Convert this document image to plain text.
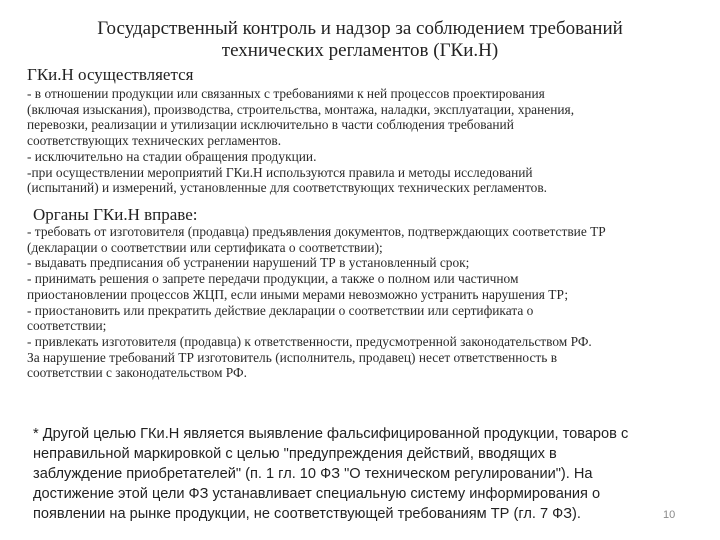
Государственный контроль и надзор за соблюдением требований
технических регламентов (ГКи.Н)
ГКи.Н осуществляется
- в отношении продукции или связанных с требованиями к ней процессов проектирования
(включая изыскания), производства, строительства, монтажа, наладки, эксплуатации, хранения,
перевозки, реализации и утилизации исключительно в части соблюдения требований
соответствующих технических регламентов.
- исключительно на стадии обращения продукции.
-при осуществлении мероприятий ГКи.Н используются правила и методы исследований
(испытаний) и измерений, установленные для соответствующих технических регламентов.
Органы ГКи.Н вправе:
- требовать от изготовителя (продавца) предъявления документов, подтверждающих соответствие ТР
(декларации о соответствии или сертификата о соответствии);
- выдавать предписания об устранении нарушений ТР в установленный срок;
- принимать решения о запрете передачи продукции, а также о полном или частичном
приостановлении процессов ЖЦП, если иными мерами невозможно устранить нарушения ТР;
- приостановить или прекратить действие декларации о соответствии или сертификата о
соответствии;
- привлекать изготовителя (продавца) к ответственности, предусмотренной законодательством РФ.
За нарушение требований ТР изготовитель (исполнитель, продавец) несет ответственность в
соответствии с законодательством РФ.
* Другой целью ГКи.Н является выявление фальсифицированной продукции, товаров с
неправильной маркировкой с целью "предупреждения действий, вводящих в
заблуждение приобретателей" (п. 1 гл. 10 ФЗ "О техническом регулировании"). На
достижение этой цели ФЗ устанавливает специальную систему информирования о
появлении на рынке продукции, не соответствующей требованиям ТР (гл. 7 ФЗ).	10
